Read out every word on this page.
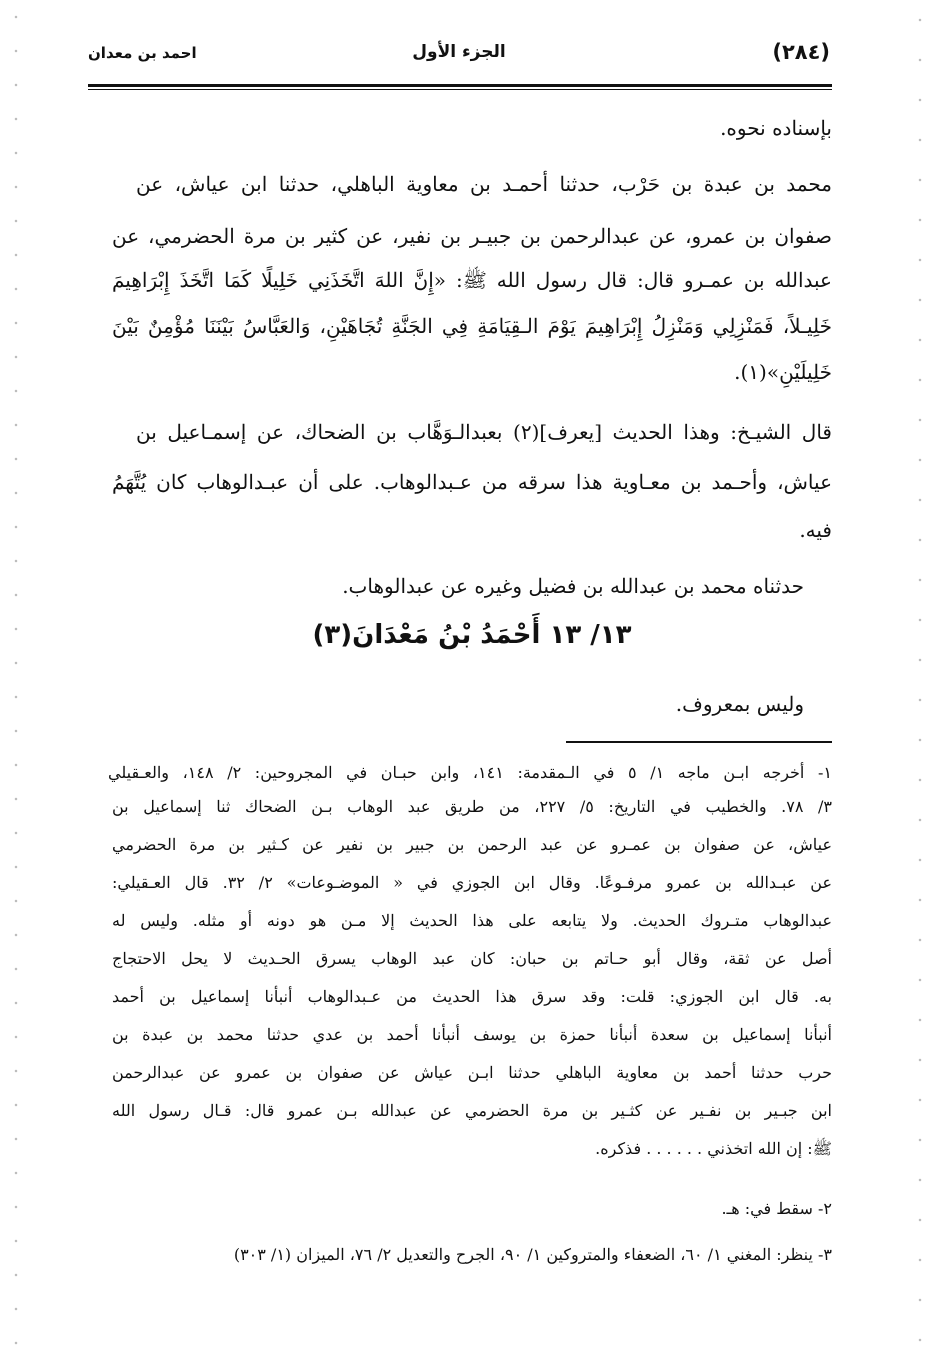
(٢٨٤)
الجزء الأول
احمد بن معدان
بإسناده نحوه.
محمد بن عبدة بن حَرْب، حدثنا أحمـد بن معاوية الباهلي، حدثنا ابن عياش، عن
صفوان بن عمرو، عن عبدالرحمن بن جبيـر بن نفير، عن كثير بن مرة الحضرمي، عن
عبدالله بن عمـرو قال: قال رسول الله ﷺ: «إِنَّ اللهَ اتَّخَذَنِي خَلِيلًا كَمَا اتَّخَذَ إِبْرَاهِيمَ
خَلِيـلاً، فَمَنْزِلِي وَمَنْزِلُ إِبْرَاهِيمَ يَوْمَ الـقِيَامَةِ فِي الجَنَّةِ تُجَاهَيْنِ، وَالعَبَّاسُ بَيْنَنَا مُؤْمِنٌ بَيْنَ
خَلِيلَيْنِ»(١).
قال الشيـخ: وهذا الحديث [يعرف](٢) بعبدالـوَهَّاب بن الضحاك، عن إسمـاعيل بن
عياش، وأحـمد بن معـاوية هذا سرقه من عـبدالوهاب. على أن عبـدالوهاب كان يُتَّهَمُ
فيه.
حدثناه محمد بن عبدالله بن فضيل وغيره عن عبدالوهاب.
١٣/ ١٣ أَحْمَدُ بْنُ مَعْدَانَ(٣)
وليس بمعروف.
١- أخرجه ابـن ماجه ١/ ٥ في الـمقدمة: ١٤١، وابن حبـان في المجروحين: ٢/ ١٤٨، والعـقيلي
٣/ ٧٨. والخطيب في التاريخ: ٥/ ٢٢٧، من طريق عبد الوهاب بـن الضحاك ثنا إسماعيل بن
عياش، عن صفوان بن عمـرو عن عبد الرحمن بن جبير بن نفير عن كـثير بن مرة الحضرمي
عن عبـدالله بن عمرو مرفـوعًا. وقال ابن الجوزي في « الموضـوعات» ٢/ ٣٢. قال العـقيلي:
عبدالوهاب متـروك الحديث. ولا يتابعه على هذا الحديث إلا مـن هو دونه أو مثله. وليس له
أصل عن ثقة، وقال أبو حـاتم بن حبان: كان عبد الوهاب يسرق الحـديث لا يحل الاحتجاج
به. قال ابن الجوزي: قلت: وقد سرق هذا الحديث من عـبدالوهاب أنبأنا إسماعيل بن أحمد
أنبأنا إسماعيل بن سعدة أنبأنا حمزة بن يوسف أنبأنا أحمد بن عدي حدثنا محمد بن عبدة بن
حرب حدثنا أحمد بن معاوية الباهلي حدثنا ابـن عياش عن صفوان بن عمرو عن عبدالرحمن
ابن جبـير بن نفـير عن كثـير بن مرة الحضرمي عن عبدالله بـن عمرو قال: قـال رسول الله
ﷺ: إن الله اتخذني . . . . . . فذكره.
٢- سقط في: هـ.
٣- ينظر: المغني ١/ ٦٠، الضعفاء والمتروكين ١/ ٩٠، الجرح والتعديل ٢/ ٧٦، الميزان (١/ ٣٠٣)
